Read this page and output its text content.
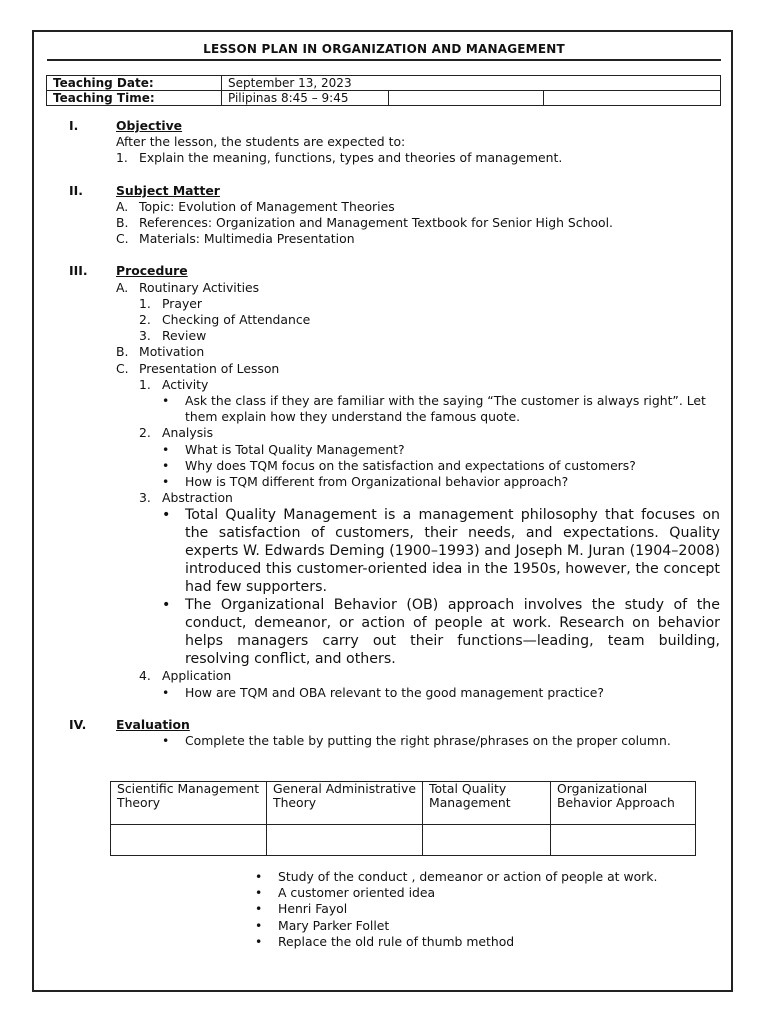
LESSON PLAN IN ORGANIZATION AND MANAGEMENT
Teaching Date:	September 13, 2023		
Teaching Time:	Pilipinas 8:45 – 9:45		
I.	Objective
After the lesson, the students are expected to:
1. Explain the meaning, functions, types and theories of management.
II.	Subject Matter
A. Topic: Evolution of Management Theories
B. References: Organization and Management Textbook for Senior High School.
C. Materials: Multimedia Presentation
III. Procedure
A. Routinary Activities
1. Prayer
2. Checking of Attendance
3. Review
B. Motivation
C. Presentation of Lesson
1. Activity
• Ask the class if they are familiar with the saying “The customer is always right”. Let them explain how they understand the famous quote.
2. Analysis
• What is Total Quality Management?
• Why does TQM focus on the satisfaction and expectations of customers?
• How is TQM different from Organizational behavior approach?
3. Abstraction
• Total Quality Management is a management philosophy that focuses on the satisfaction of customers, their needs, and expectations. Quality experts W. Edwards Deming (1900–1993) and Joseph M. Juran (1904–2008) introduced this customer-oriented idea in the 1950s, however, the concept had few supporters.
• The Organizational Behavior (OB) approach involves the study of the conduct, demeanor, or action of people at work. Research on behavior helps managers carry out their functions—leading, team building, resolving conflict, and others.
4. Application
• How are TQM and OBA relevant to the good management practice?
IV. Evaluation
• Complete the table by putting the right phrase/phrases on the proper column.
Scientific Management Theory	General Administrative Theory	Total Quality Management	Organizational Behavior Approach

• Study of the conduct , demeanor or action of people at work.
• A customer oriented idea
• Henri Fayol
• Mary Parker Follet
• Replace the old rule of thumb method
